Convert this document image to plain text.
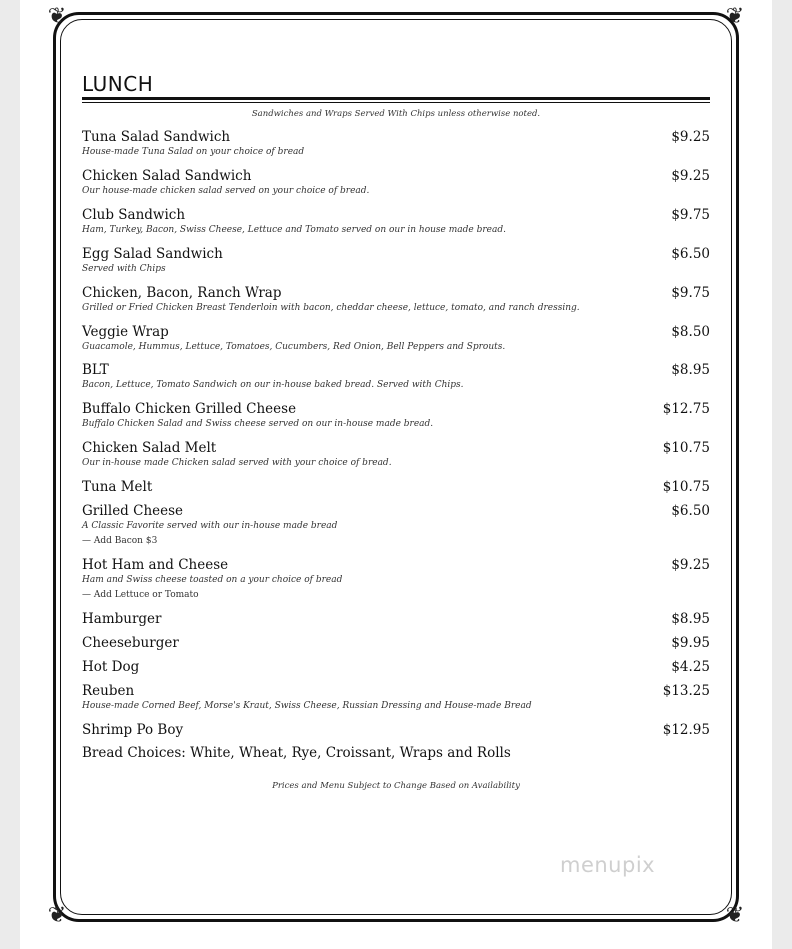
❦	❦
❦	❦
LUNCH
Sandwiches and Wraps Served With Chips unless otherwise noted.
Tuna Salad Sandwich	$9.25
House-made Tuna Salad on your choice of bread
Chicken Salad Sandwich	$9.25
Our house-made chicken salad served on your choice of bread.
Club Sandwich	$9.75
Ham, Turkey, Bacon, Swiss Cheese, Lettuce and Tomato served on our in house made bread.
Egg Salad Sandwich	$6.50
Served with Chips
Chicken, Bacon, Ranch Wrap	$9.75
Grilled or Fried Chicken Breast Tenderloin with bacon, cheddar cheese, lettuce, tomato, and ranch dressing.
Veggie Wrap	$8.50
Guacamole, Hummus, Lettuce, Tomatoes, Cucumbers, Red Onion, Bell Peppers and Sprouts.
BLT	$8.95
Bacon, Lettuce, Tomato Sandwich on our in-house baked bread. Served with Chips.
Buffalo Chicken Grilled Cheese	$12.75
Buffalo Chicken Salad and Swiss cheese served on our in-house made bread.
Chicken Salad Melt	$10.75
Our in-house made Chicken salad served with your choice of bread.
Tuna Melt	$10.75
Grilled Cheese	$6.50
A Classic Favorite served with our in-house made bread
— Add Bacon $3
Hot Ham and Cheese	$9.25
Ham and Swiss cheese toasted on a your choice of bread
— Add Lettuce or Tomato
Hamburger	$8.95
Cheeseburger	$9.95
Hot Dog	$4.25
Reuben	$13.25
House-made Corned Beef, Morse's Kraut, Swiss Cheese, Russian Dressing and House-made Bread
Shrimp Po Boy	$12.95
Bread Choices: White, Wheat, Rye, Croissant, Wraps and Rolls
Prices and Menu Subject to Change Based on Availability
menupix
